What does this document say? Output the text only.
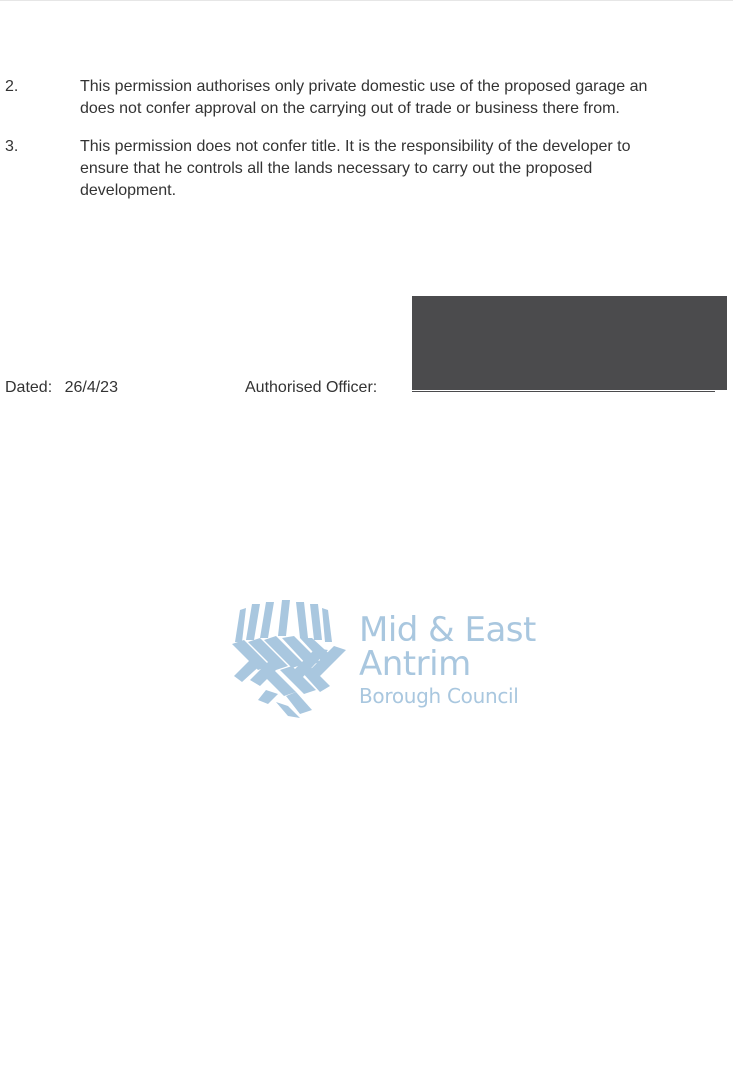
2.	This permission authorises only private domestic use of the proposed garage an
does not confer approval on the carrying out of trade or business there from.
3.	This permission does not confer title. It is the responsibility of the developer to
ensure that he controls all the lands necessary to carry out the proposed
development.
Dated: 26/4/23	Authorised Officer:
Mid & East
Antrim
Borough Council
